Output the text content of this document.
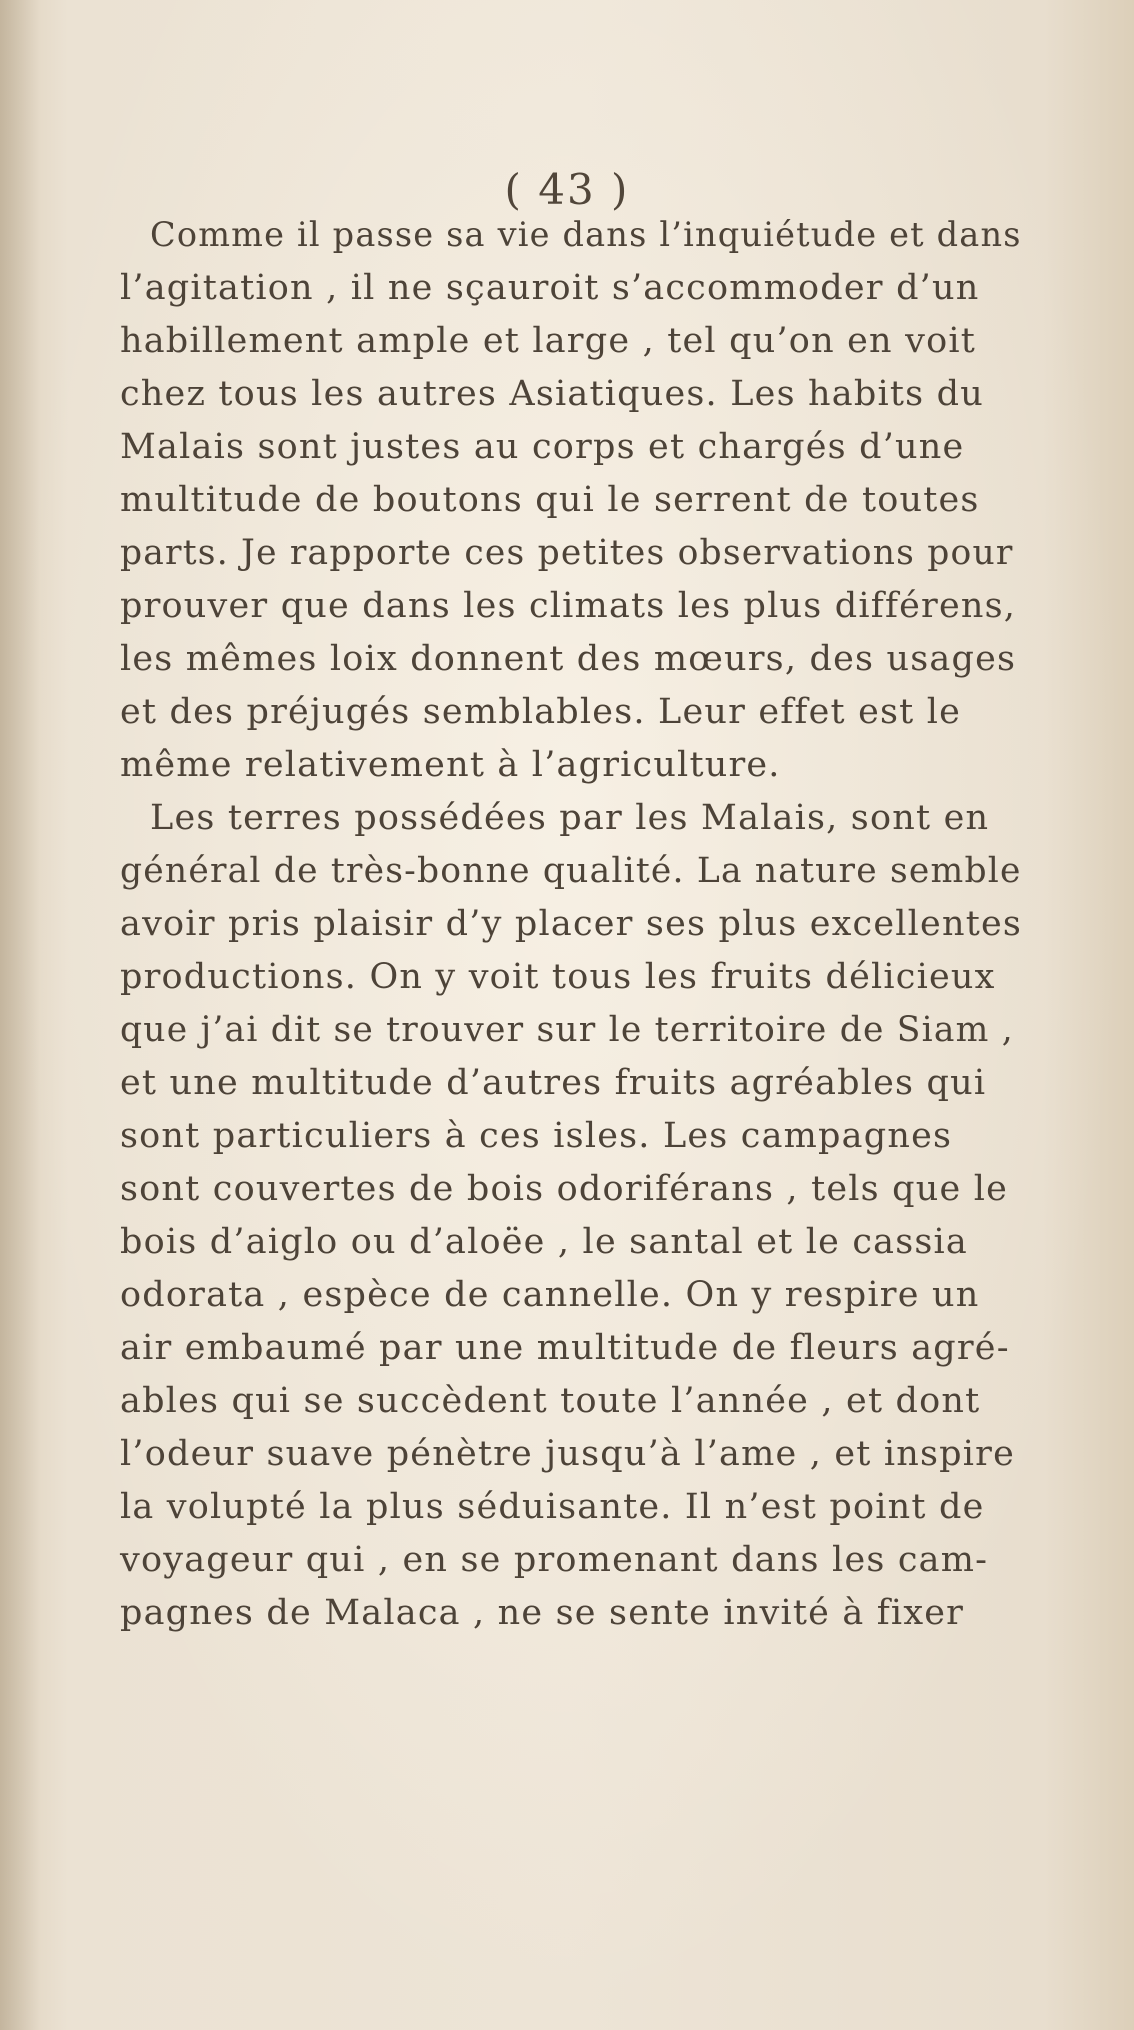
( 43 )
Comme il passe sa vie dans l’inquiétude et dans
l’agitation , il ne sçauroit s’accommoder d’un
habillement ample et large , tel qu’on en voit
chez tous les autres Asiatiques. Les habits du
Malais sont justes au corps et chargés d’une
multitude de boutons qui le serrent de toutes
parts. Je rapporte ces petites observations pour
prouver que dans les climats les plus différens,
les mêmes loix donnent des mœurs, des usages
et des préjugés semblables. Leur effet est le
même relativement à l’agriculture.
Les terres possédées par les Malais, sont en
général de très-bonne qualité. La nature semble
avoir pris plaisir d’y placer ses plus excellentes
productions. On y voit tous les fruits délicieux
que j’ai dit se trouver sur le territoire de Siam ,
et une multitude d’autres fruits agréables qui
sont particuliers à ces isles. Les campagnes
sont couvertes de bois odoriférans , tels que le
bois d’aiglo ou d’aloëe , le santal et le cassia
odorata , espèce de cannelle. On y respire un
air embaumé par une multitude de fleurs agré-
ables qui se succèdent toute l’année , et dont
l’odeur suave pénètre jusqu’à l’ame , et inspire
la volupté la plus séduisante. Il n’est point de
voyageur qui , en se promenant dans les cam-
pagnes de Malaca , ne se sente invité à fixer
